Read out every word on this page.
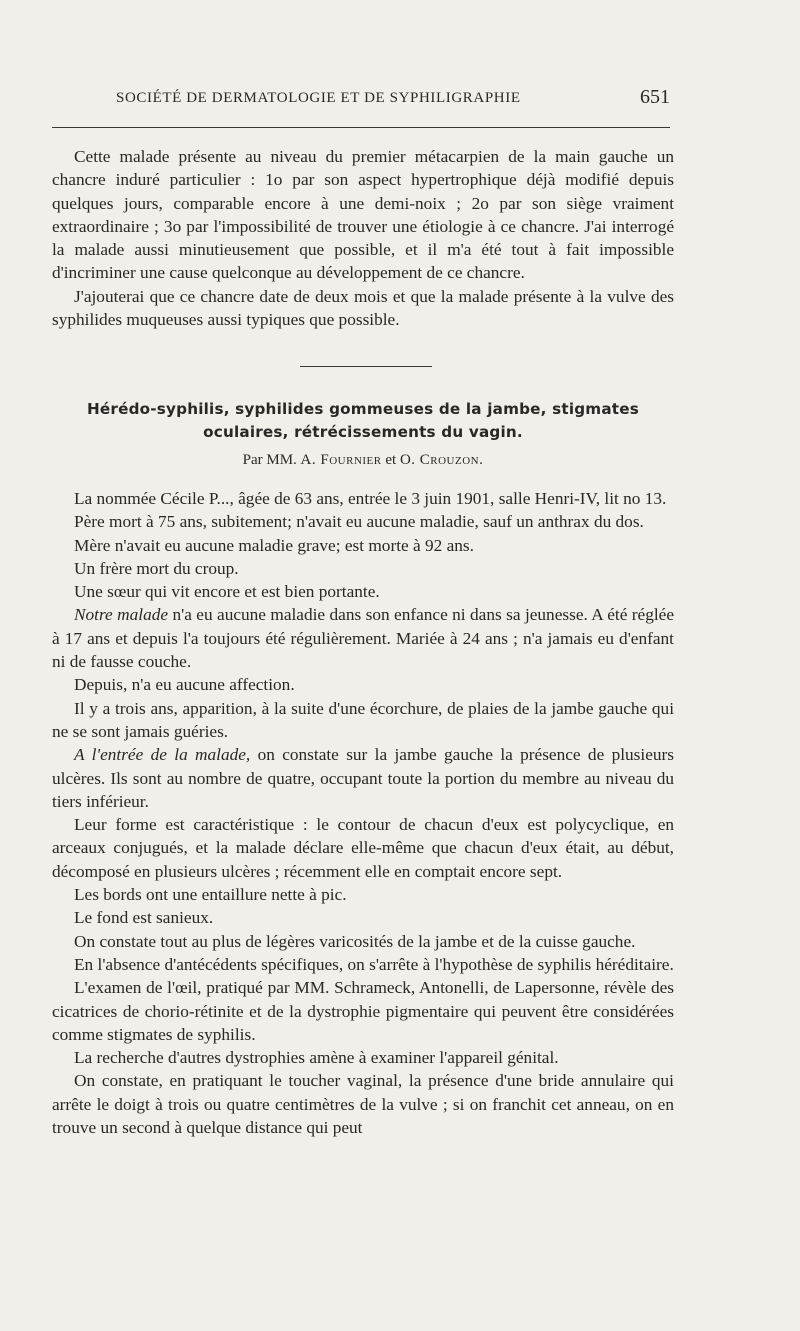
SOCIÉTÉ DE DERMATOLOGIE ET DE SYPHILIGRAPHIE	651

Cette malade présente au niveau du premier métacarpien de la main gauche un chancre induré particulier : 1o par son aspect hypertrophique déjà modifié depuis quelques jours, comparable encore à une demi-noix ; 2o par son siège vraiment extraordinaire ; 3o par l'impossibilité de trouver une étiologie à ce chancre. J'ai interrogé la malade aussi minutieusement que possible, et il m'a été tout à fait impossible d'incriminer une cause quelconque au développement de ce chancre.

J'ajouterai que ce chancre date de deux mois et que la malade présente à la vulve des syphilides muqueuses aussi typiques que possible.

Hérédo-syphilis, syphilides gommeuses de la jambe, stigmates
oculaires, rétrécissements du vagin.
Par MM. A. Fournier et O. Crouzon.

La nommée Cécile P..., âgée de 63 ans, entrée le 3 juin 1901, salle Henri-IV, lit no 13.

Père mort à 75 ans, subitement; n'avait eu aucune maladie, sauf un anthrax du dos.

Mère n'avait eu aucune maladie grave; est morte à 92 ans.

Un frère mort du croup.

Une sœur qui vit encore et est bien portante.

Notre malade n'a eu aucune maladie dans son enfance ni dans sa jeunesse. A été réglée à 17 ans et depuis l'a toujours été régulièrement. Mariée à 24 ans ; n'a jamais eu d'enfant ni de fausse couche.

Depuis, n'a eu aucune affection.

Il y a trois ans, apparition, à la suite d'une écorchure, de plaies de la jambe gauche qui ne se sont jamais guéries.

A l'entrée de la malade, on constate sur la jambe gauche la présence de plusieurs ulcères. Ils sont au nombre de quatre, occupant toute la portion du membre au niveau du tiers inférieur.

Leur forme est caractéristique : le contour de chacun d'eux est polycyclique, en arceaux conjugués, et la malade déclare elle-même que chacun d'eux était, au début, décomposé en plusieurs ulcères ; récemment elle en comptait encore sept.

Les bords ont une entaillure nette à pic.

Le fond est sanieux.

On constate tout au plus de légères varicosités de la jambe et de la cuisse gauche.

En l'absence d'antécédents spécifiques, on s'arrête à l'hypothèse de syphilis héréditaire.

L'examen de l'œil, pratiqué par MM. Schrameck, Antonelli, de Lapersonne, révèle des cicatrices de chorio-rétinite et de la dystrophie pigmentaire qui peuvent être considérées comme stigmates de syphilis.

La recherche d'autres dystrophies amène à examiner l'appareil génital.

On constate, en pratiquant le toucher vaginal, la présence d'une bride annulaire qui arrête le doigt à trois ou quatre centimètres de la vulve ; si on franchit cet anneau, on en trouve un second à quelque distance qui peut
